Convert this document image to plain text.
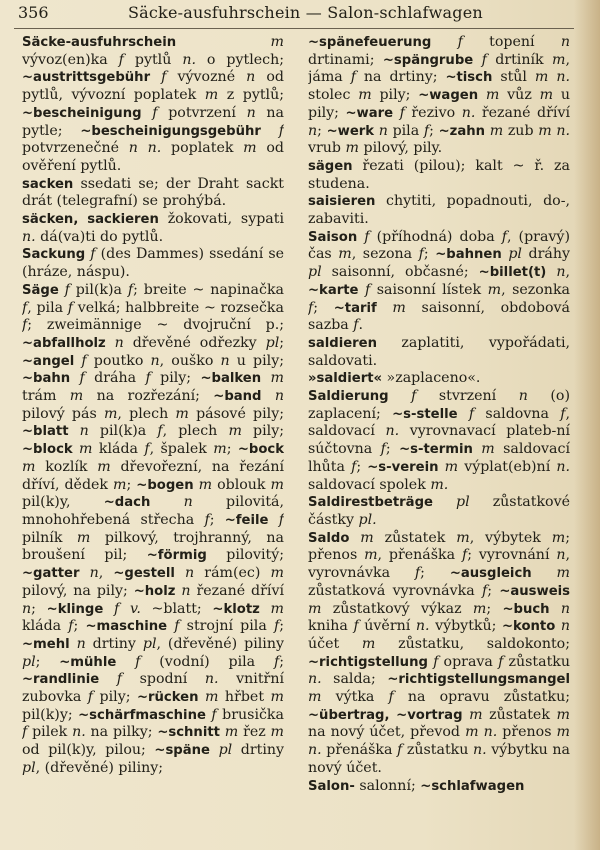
356	Säcke-ausfuhrschein — Salon-schlafwagen

Säcke-ausfuhrschein	m vývoz(en)ka f pytlů n. o pytlech; ~austrittsgebühr f vývozné n od pytlů, vývozní poplatek m z pytlů; ~bescheinigung f potvrzení n na pytle; ~bescheinigungsgebühr f potvrzenečné n n. poplatek m od ověření pytlů.

sacken ssedati se; der Draht sackt drát (telegrafní) se prohýbá.

säcken, sackieren žokovati, sypati n. dá(va)ti do pytlů.

Sackung f (des Dammes) ssedání se (hráze, náspu).

Säge f pil(k)a f; breite ~ napinačka f, pila f velká; halbbreite ~ rozsečka f; zweimännige ~ dvojruční p.; ~abfallholz n dřevěné odřezky pl; ~angel f poutko n, ouško n u pily; ~bahn f dráha f pily; ~balken m trám m na rozřezání; ~band n pilový pás m, plech m pásové pily; ~blatt n pil(k)a f, plech m pily; ~block m kláda f, špalek m; ~bock m kozlík m dřevořezní, na řezání dříví, dědek m; ~bogen m oblouk m pil(k)y, ~dach n pilovitá, mnohohřebená střecha f; ~feile f pilník m pilkový, trojhranný, na broušení pil; ~förmig pilovitý; ~gatter n, ~gestell n rám(ec) m pilový, na pily; ~holz n řezané dříví n; ~klinge f v. ~blatt; ~klotz m kláda f; ~maschine f strojní pila f; ~mehl n drtiny pl, (dřevěné) piliny pl; ~mühle f (vodní) pila f; ~randlinie f spodní n. vnitřní zubovka f pily; ~rücken m hřbet m pil(k)y; ~schärfmaschine f brusička f pilek n. na pilky; ~schnitt m řez m od pil(k)y, pilou; ~späne pl drtiny pl, (dřevěné) piliny;

~spänefeuerung f topení n drtinami; ~spängrube f drtiník m, jáma f na drtiny; ~tisch stůl m n. stolec m pily; ~wagen m vůz m u pily; ~ware f řezivo n. řezané dříví n; ~werk n pila f; ~zahn m zub m n. vrub m pilový, pily.

sägen řezati (pilou); kalt ~ ř. za studena.

saisieren chytiti, popadnouti, do-, zabaviti.

Saison f (příhodná) doba f, (pravý) čas m, sezona f; ~bahnen pl dráhy pl saisonní, občasné; ~billet(t) n, ~karte f saisonní lístek m, sezonka f; ~tarif m saisonní, obdobová sazba f.

saldieren zaplatiti, vypořádati, saldovati.

»saldiert« »zaplaceno«.

Saldierung f stvrzení n (o) zaplacení; ~s-stelle f saldovna f, saldovací n. vyrovnavací plateb-ní súčtovna f; ~s-termin m saldovací lhůta f; ~s-verein m výplat(eb)ní n. saldovací spolek m.

Saldirestbeträge pl zůstatkové částky pl.

Saldo m zůstatek m, výbytek m; přenos m, přenáška f; vyrovnání n, vyrovnávka f; ~ausgleich m zůstatková vyrovnávka f; ~ausweis m zůstatkový výkaz m; ~buch n kniha f úvěrní n. výbytků; ~konto n účet m zůstatku, saldokonto; ~richtigstellung f oprava f zůstatku n. salda; ~richtigstellungsmangel m výtka f na opravu zůstatku; ~übertrag, ~vortrag m zůstatek m na nový účet, převod m n. přenos m n. přenáška f zůstatku n. výbytku na nový účet.

Salon- salonní; ~schlafwagen
